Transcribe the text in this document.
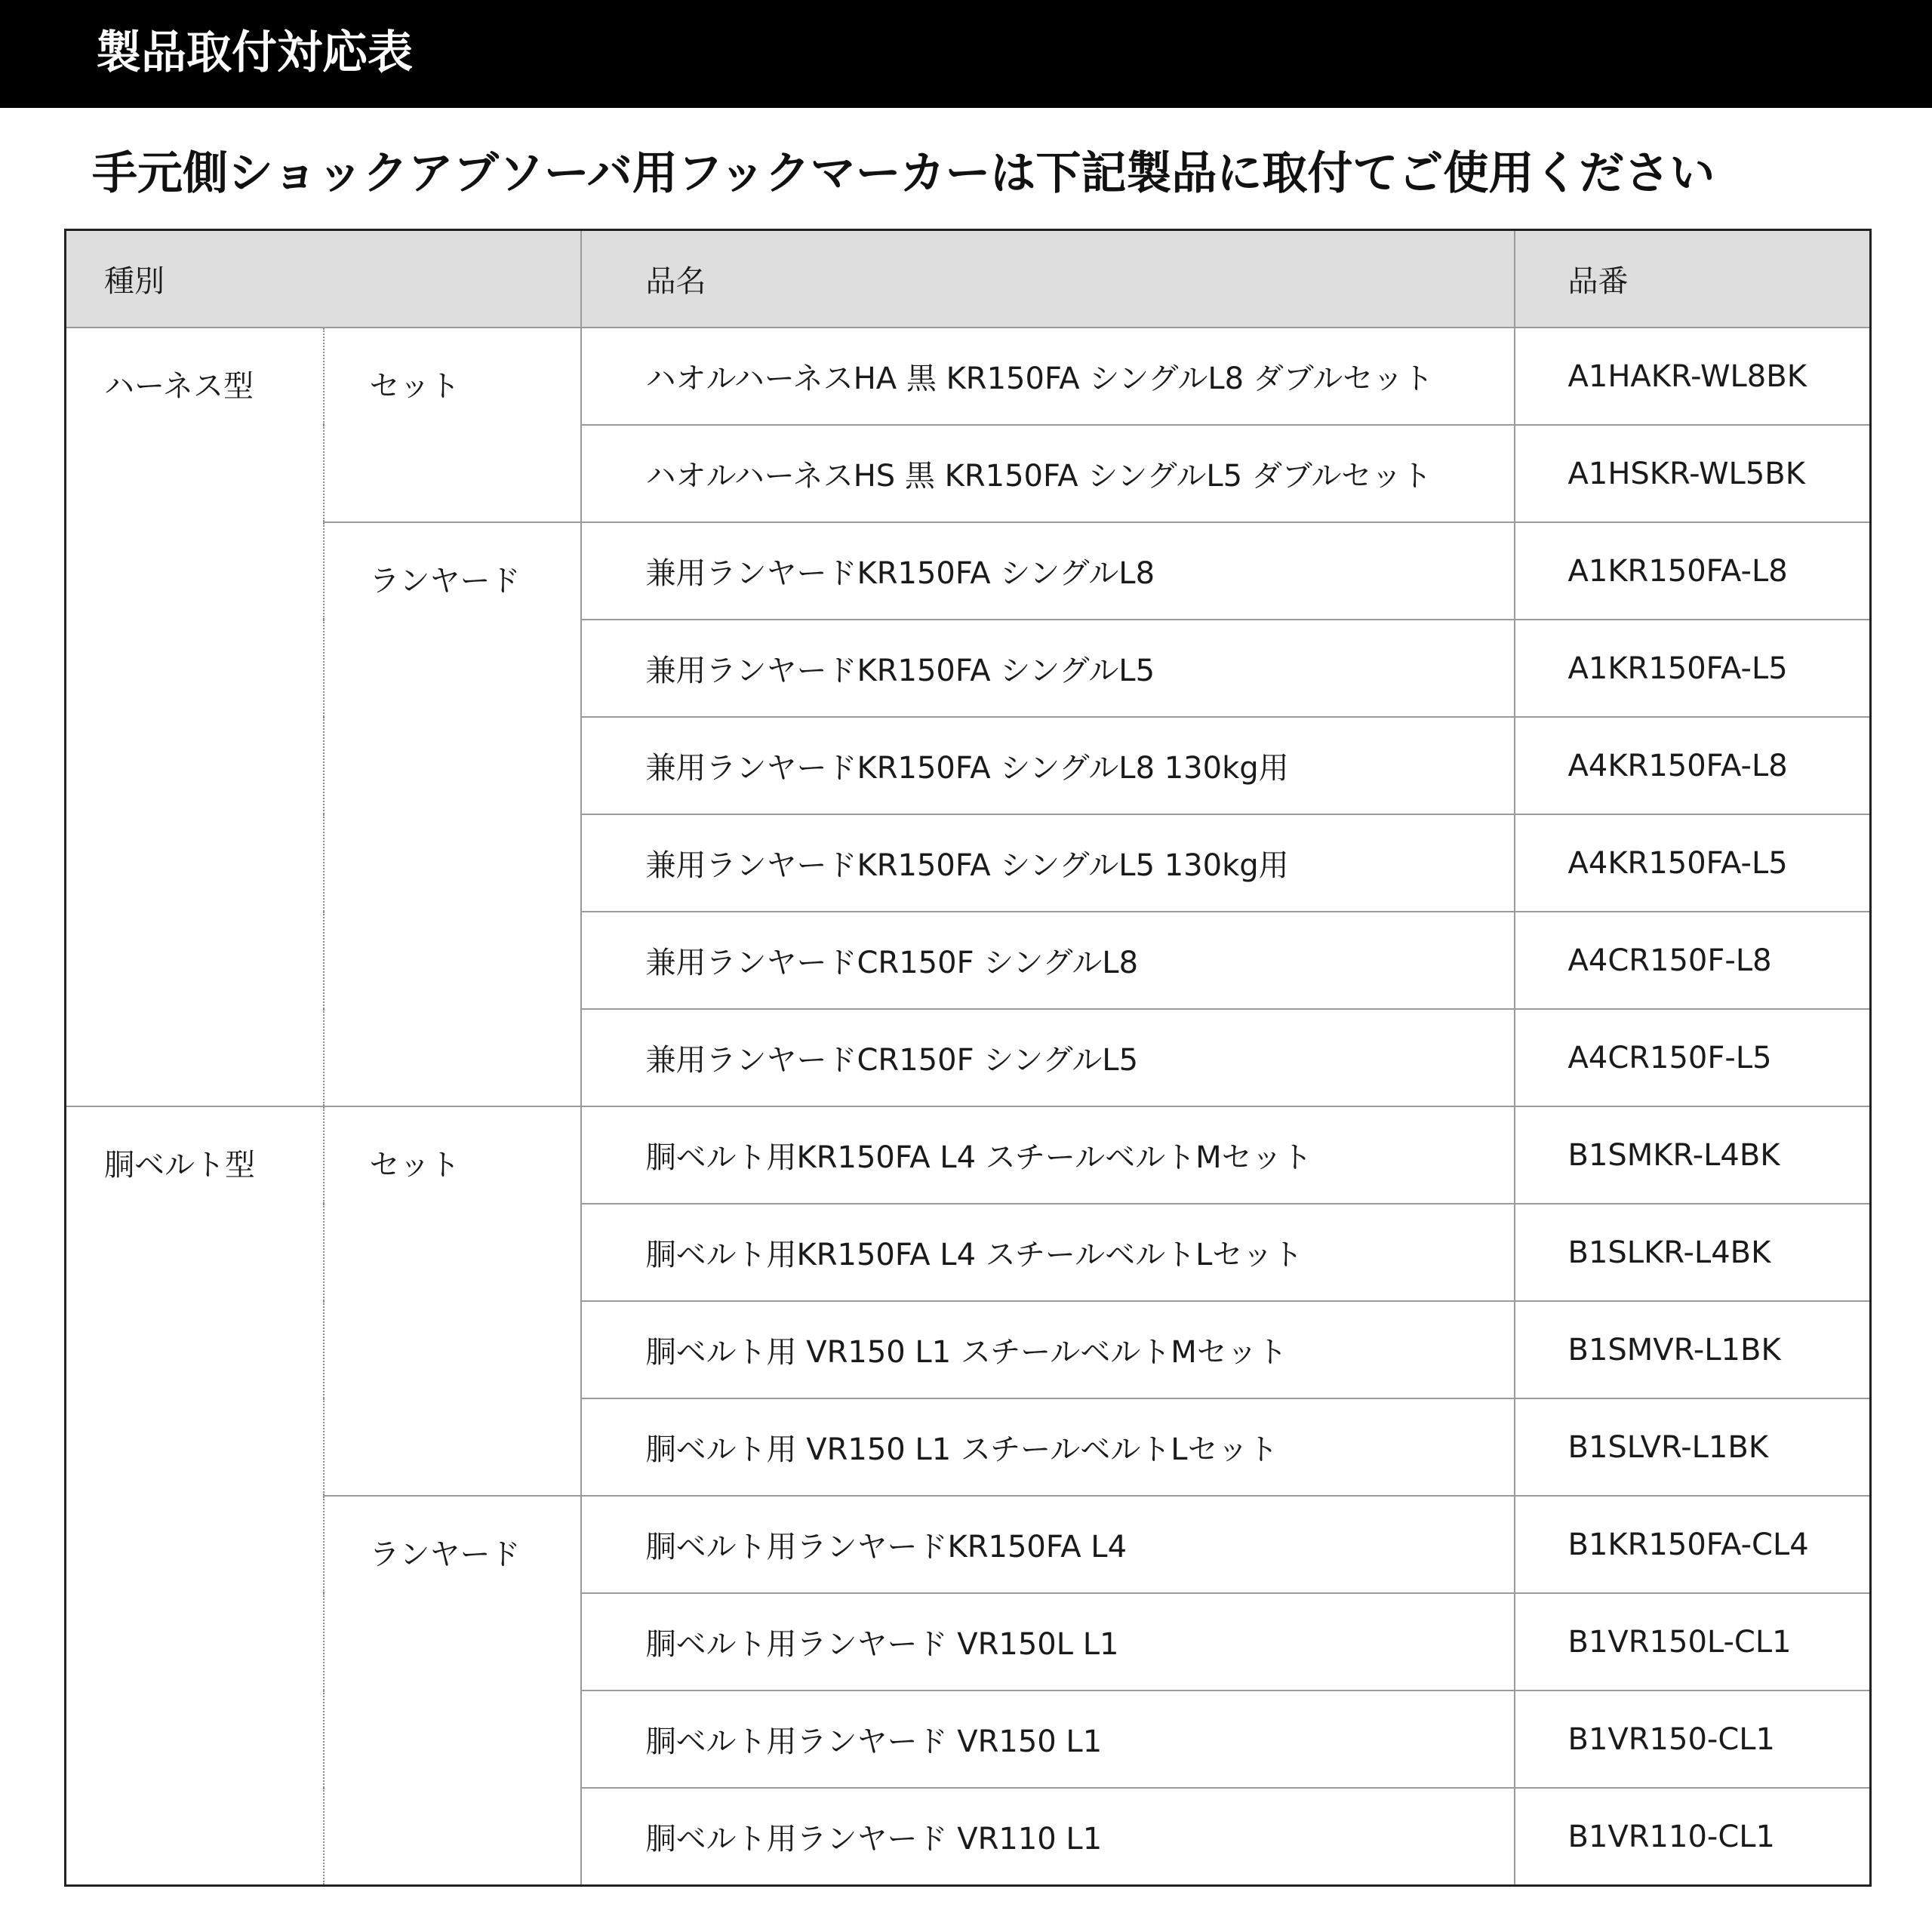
製品取付対応表
手元側ショックアブソーバ用フックマーカーは下記製品に取付てご使用ください
種別		品名	品番
ハーネス型	セット	ハオルハーネスHA 黒 KR150FA シングルL8 ダブルセット	A1HAKR-WL8BK
		ハオルハーネスHS 黒 KR150FA シングルL5 ダブルセット	A1HSKR-WL5BK
	ランヤード	兼用ランヤードKR150FA シングルL8	A1KR150FA-L8
		兼用ランヤードKR150FA シングルL5	A1KR150FA-L5
		兼用ランヤードKR150FA シングルL8 130kg用	A4KR150FA-L8
		兼用ランヤードKR150FA シングルL5 130kg用	A4KR150FA-L5
		兼用ランヤードCR150F シングルL8	A4CR150F-L8
		兼用ランヤードCR150F シングルL5	A4CR150F-L5
胴ベルト型	セット	胴ベルト用KR150FA L4 スチールベルトMセット	B1SMKR-L4BK
		胴ベルト用KR150FA L4 スチールベルトLセット	B1SLKR-L4BK
		胴ベルト用 VR150 L1 スチールベルトMセット	B1SMVR-L1BK
		胴ベルト用 VR150 L1 スチールベルトLセット	B1SLVR-L1BK
	ランヤード	胴ベルト用ランヤードKR150FA L4	B1KR150FA-CL4
		胴ベルト用ランヤード VR150L L1	B1VR150L-CL1
		胴ベルト用ランヤード VR150 L1	B1VR150-CL1
		胴ベルト用ランヤード VR110 L1	B1VR110-CL1
